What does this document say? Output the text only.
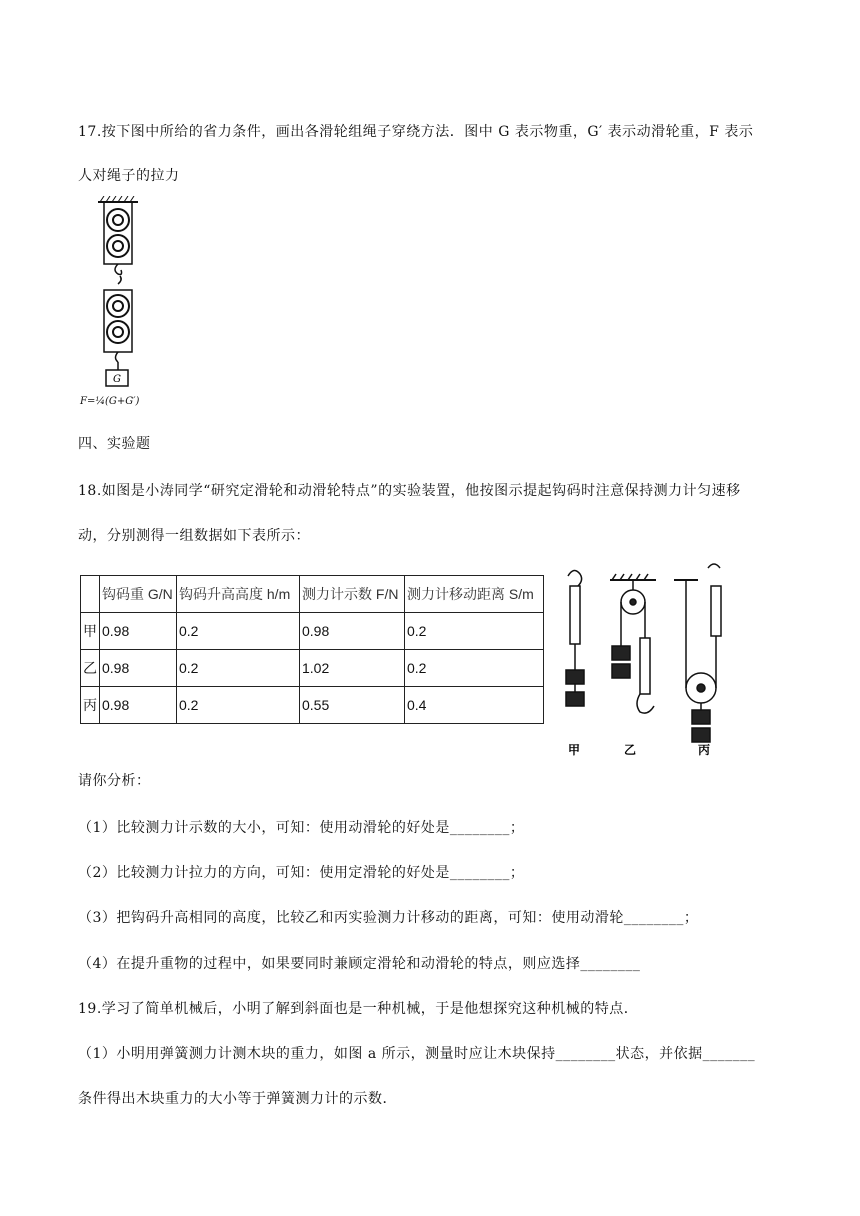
17.按下图中所给的省力条件，画出各滑轮组绳子穿绕方法．图中 G 表示物重，G′ 表示动滑轮重，F 表示
人对绳子的拉力
G
F=¼(G+G′)
四、实验题
18.如图是小涛同学“研究定滑轮和动滑轮特点”的实验装置，他按图示提起钩码时注意保持测力计匀速移
动，分别测得一组数据如下表所示：
	钩码重 G/N	钩码升高高度 h/m	测力计示数 F/N	测力计移动距离 S/m
甲	0.98	0.2	0.98	0.2
乙	0.98	0.2	1.02	0.2
丙	0.98	0.2	0.55	0.4
甲	乙	丙
请你分析：
（1）比较测力计示数的大小，可知：使用动滑轮的好处是________；
（2）比较测力计拉力的方向，可知：使用定滑轮的好处是________；
（3）把钩码升高相同的高度，比较乙和丙实验测力计移动的距离，可知：使用动滑轮________；
（4）在提升重物的过程中，如果要同时兼顾定滑轮和动滑轮的特点，则应选择________
19.学习了简单机械后，小明了解到斜面也是一种机械，于是他想探究这种机械的特点．
（1）小明用弹簧测力计测木块的重力，如图 a 所示，测量时应让木块保持________状态，并依据_______
条件得出木块重力的大小等于弹簧测力计的示数．
